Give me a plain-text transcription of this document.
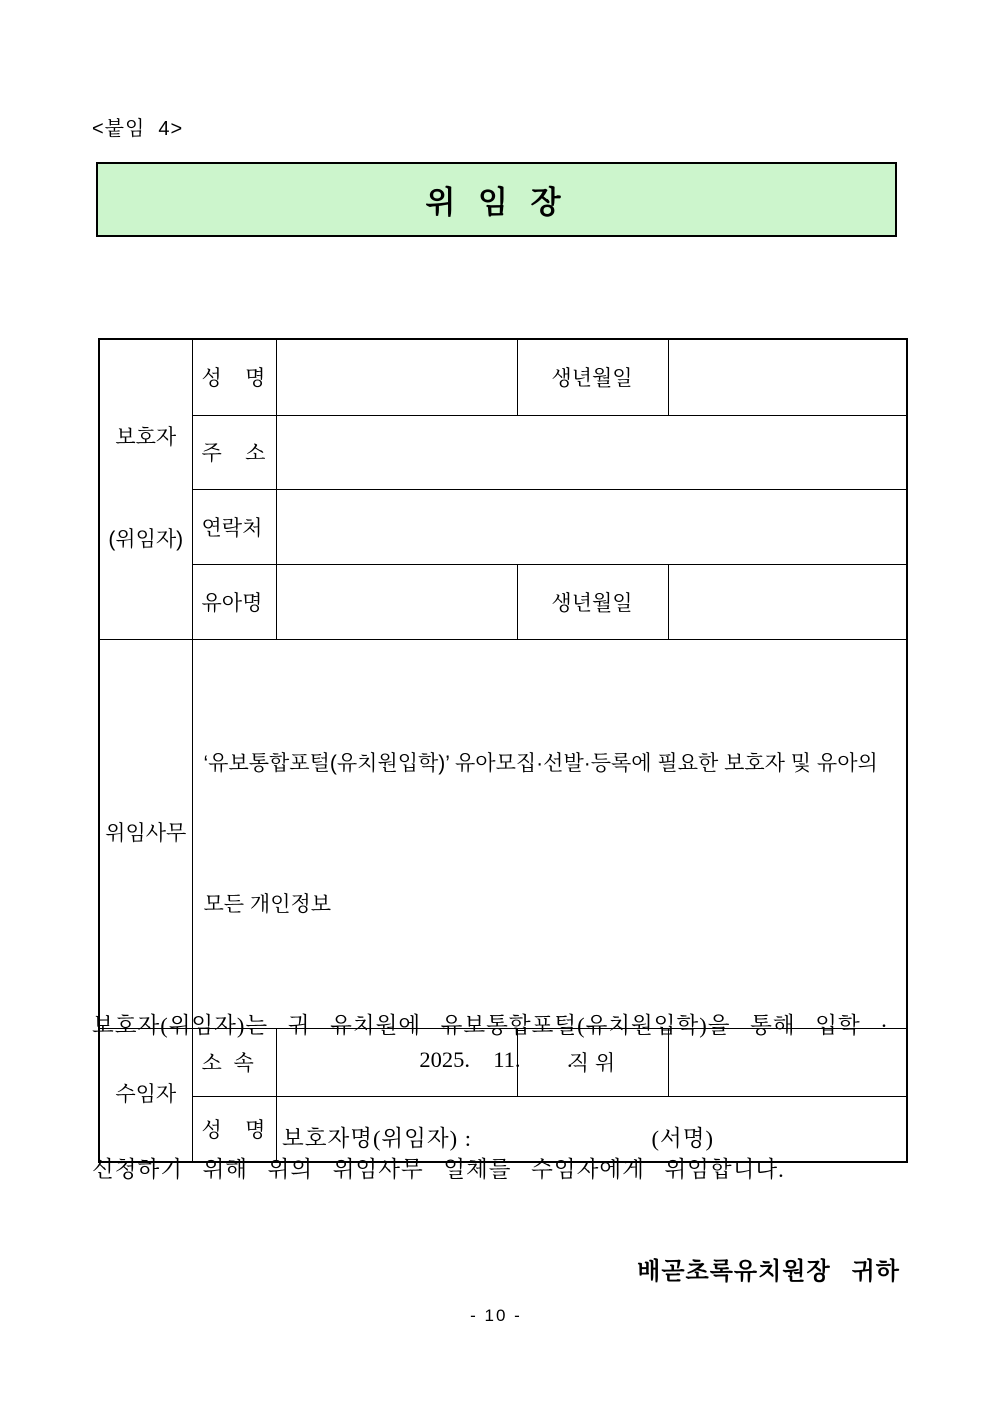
<붙임  4>
위 임 장

보호자

(위임자)	성    명		생년월일	
	주    소			
	연락처			
	유아명		생년월일	
위임사무	‘유보통합포털(유치원입학)’ 유아모집·선발·등록에 필요한 보호자 및 유아의

모든 개인정보			

수임자	소  속		직 위	
	성    명			

보호자(위임자)는 귀 유치원에 유보통합포털(유치원입학)을 통해 입학 ·

신청하기 위해 위의 위임사무 일체를 수임자에게 위임합니다.

2025.  11.    .
보호자명(위임자) :	(서명)
배곧초록유치원장   귀하
- 10 -
